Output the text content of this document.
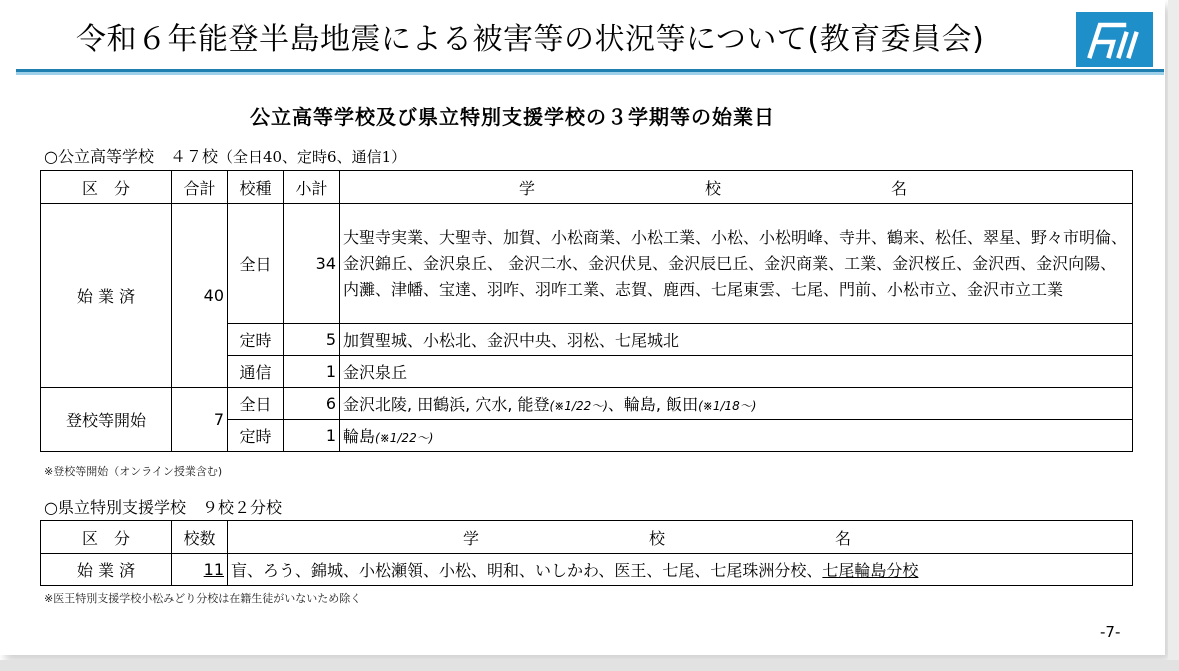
令和６年能登半島地震による被害等の状況等について(教育委員会)
公立高等学校及び県立特別支援学校の３学期等の始業日
○公立高等学校　４７校（全日40、定時6、通信1）
区　分	合計	校種	小計	学　　校　　名
始 業 済	40	全日	34	大聖寺実業、大聖寺、加賀、小松商業、小松工業、小松、小松明峰、寺井、鶴来、松任、翠星、野々市明倫、金沢錦丘、金沢泉丘、 金沢二水、金沢伏見、金沢辰巳丘、金沢商業、工業、金沢桜丘、金沢西、金沢向陽、内灘、津幡、宝達、羽咋、羽咋工業、志賀、鹿西、七尾東雲、七尾、門前、小松市立、金沢市立工業
		定時	5	加賀聖城、小松北、金沢中央、羽松、七尾城北
		通信	1	金沢泉丘
登校等開始	7	全日	6	金沢北陵, 田鶴浜, 穴水, 能登(※1/22～)、輪島, 飯田(※1/18～)
		定時	1	輪島(※1/22～)
※登校等開始（オンライン授業含む)
○県立特別支援学校　９校２分校
区　分	校数	学　　校　　名
始 業 済	11	盲、ろう、錦城、小松瀬領、小松、明和、いしかわ、医王、七尾、七尾珠洲分校、七尾輪島分校
※医王特別支援学校小松みどり分校は在籍生徒がいないため除く
-7-
